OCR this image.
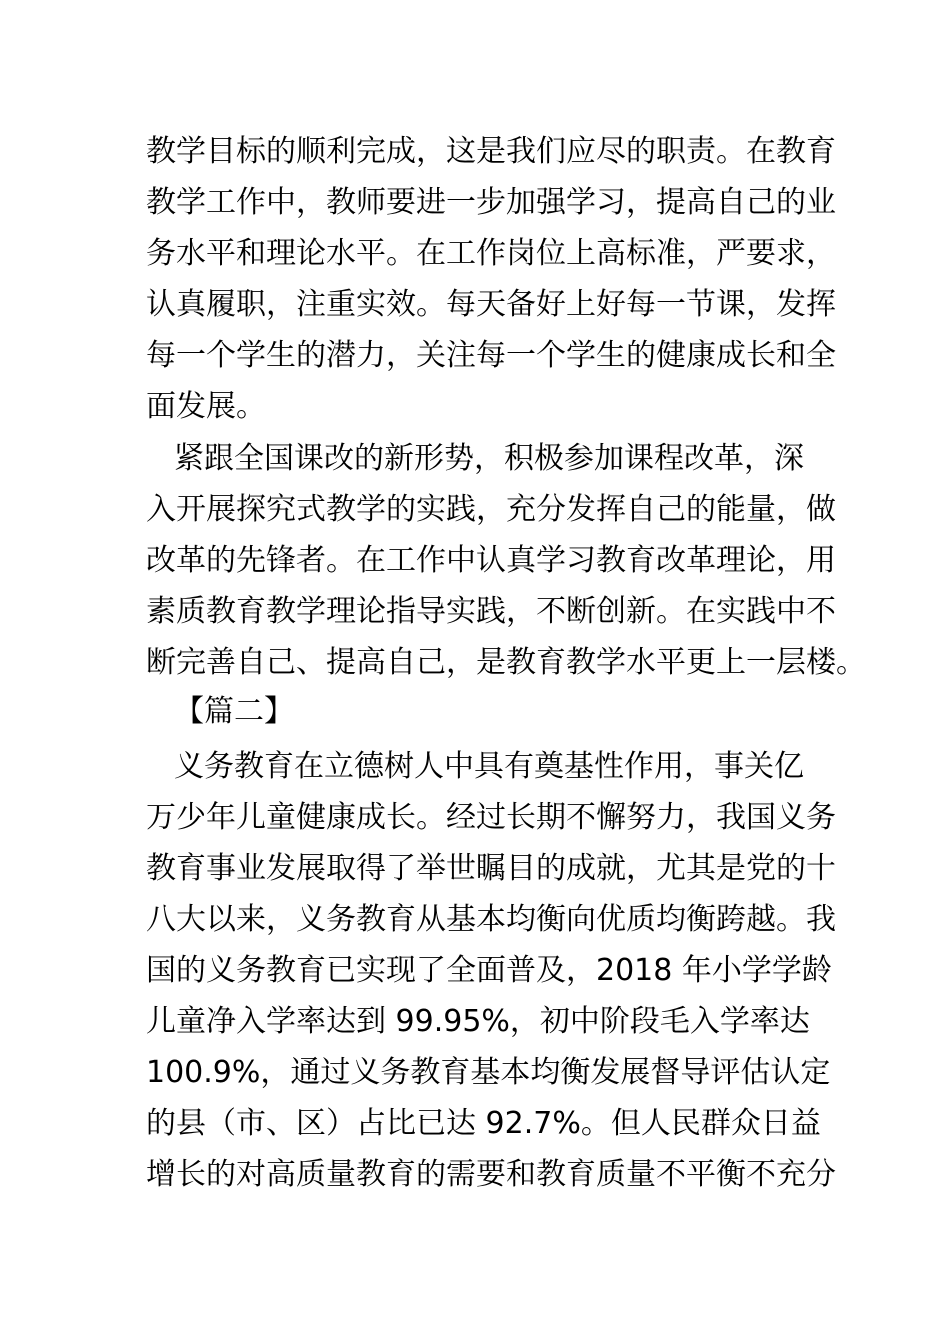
教学目标的顺利完成，这是我们应尽的职责。在教育
教学工作中，教师要进一步加强学习，提高自己的业
务水平和理论水平。在工作岗位上高标准，严要求，
认真履职，注重实效。每天备好上好每一节课，发挥
每一个学生的潜力，关注每一个学生的健康成长和全
面发展。
紧跟全国课改的新形势，积极参加课程改革，深
入开展探究式教学的实践，充分发挥自己的能量，做
改革的先锋者。在工作中认真学习教育改革理论，用
素质教育教学理论指导实践，不断创新。在实践中不
断完善自己、提高自己，是教育教学水平更上一层楼。
【篇二】
义务教育在立德树人中具有奠基性作用，事关亿
万少年儿童健康成长。经过长期不懈努力，我国义务
教育事业发展取得了举世瞩目的成就，尤其是党的十
八大以来，义务教育从基本均衡向优质均衡跨越。我
国的义务教育已实现了全面普及，2018 年小学学龄
儿童净入学率达到 99.95%，初中阶段毛入学率达
100.9%，通过义务教育基本均衡发展督导评估认定
的县（市、区）占比已达 92.7%。但人民群众日益
增长的对高质量教育的需要和教育质量不平衡不充分
